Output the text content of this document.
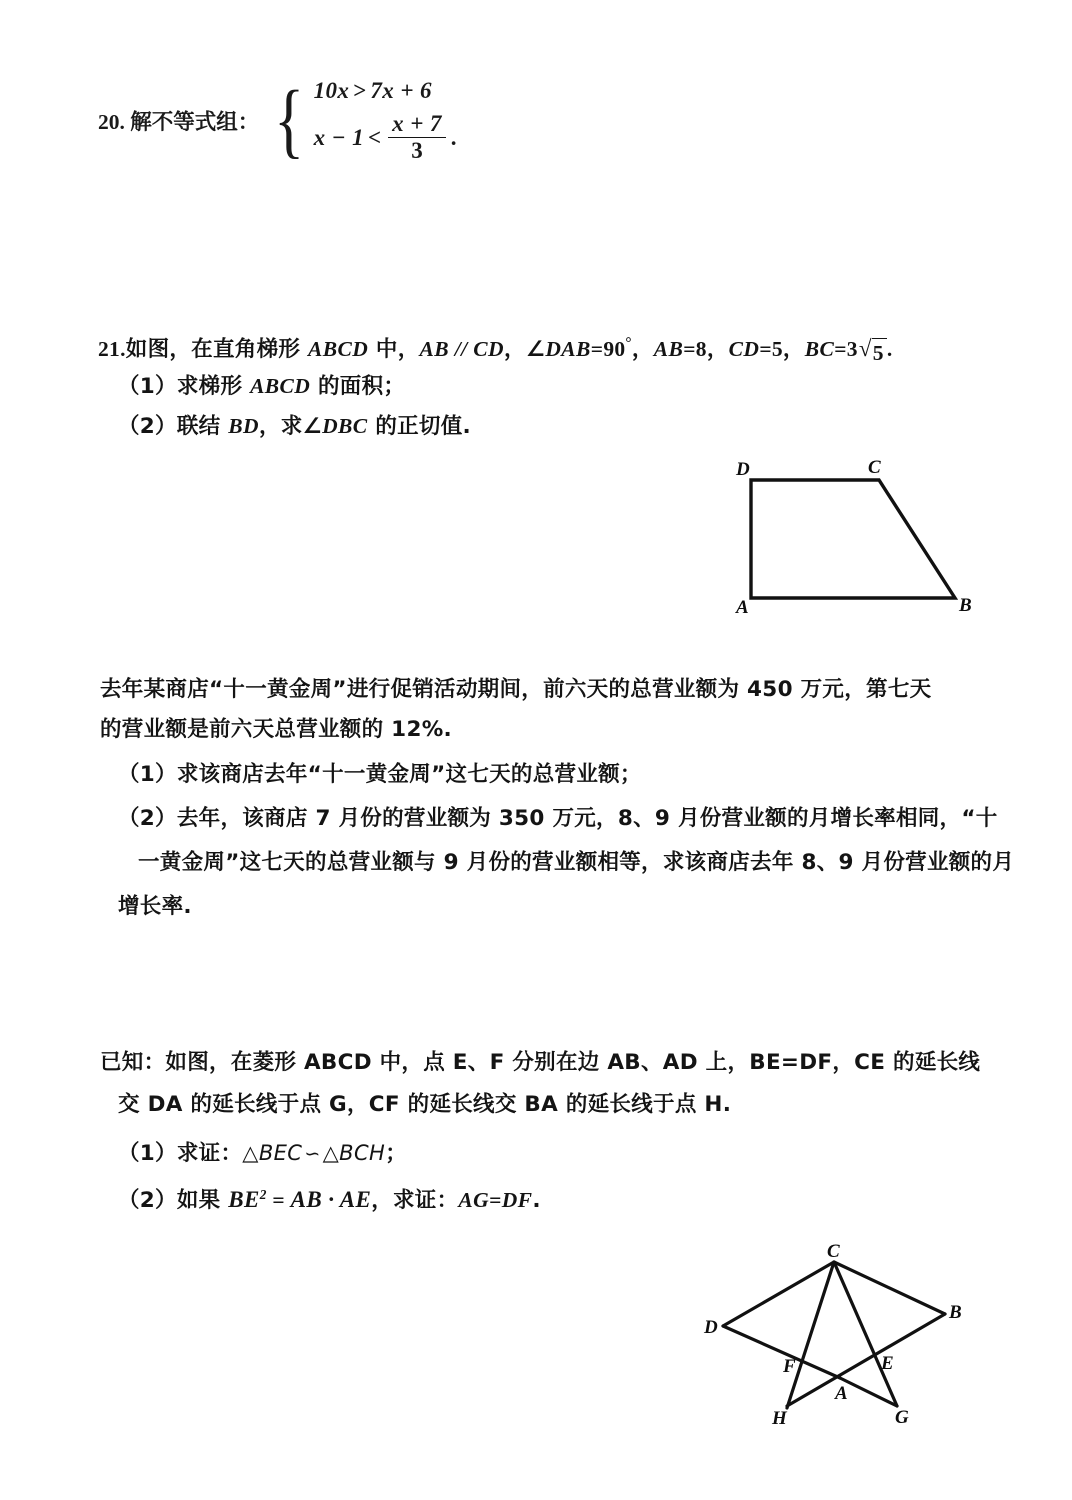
20. 解不等式组： { 10x > 7x + 6
$x - 1 < \frac{x + 7}{3}$ .
21.如图，在直角梯形 ABCD 中，AB // CD，∠DAB=90°，AB=8，CD=5，BC=3 √ 5 .
（1）求梯形 ABCD 的面积；
（2）联结 BD，求∠DBC 的正切值.
D	C
B
A
去年某商店“十一黄金周”进行促销活动期间，前六天的总营业额为 450 万元，第七天
的营业额是前六天总营业额的 12%.
（1）求该商店去年“十一黄金周”这七天的总营业额；
（2）去年，该商店 7 月份的营业额为 350 万元，8、9 月份营业额的月增长率相同，“十
一黄金周”这七天的总营业额与 9 月份的营业额相等，求该商店去年 8、9 月份营业额的月
增长率.
已知：如图，在菱形 ABCD 中，点 E、F 分别在边 AB、AD 上，BE=DF，CE 的延长线
交 DA 的延长线于点 G，CF 的延长线交 BA 的延长线于点 H.
（1）求证：△BEC ∽△BCH；
（2）如果 $BE^2$ = AB · AE，求证：AG=DF.
C
D
B
A
F	E
H	G
